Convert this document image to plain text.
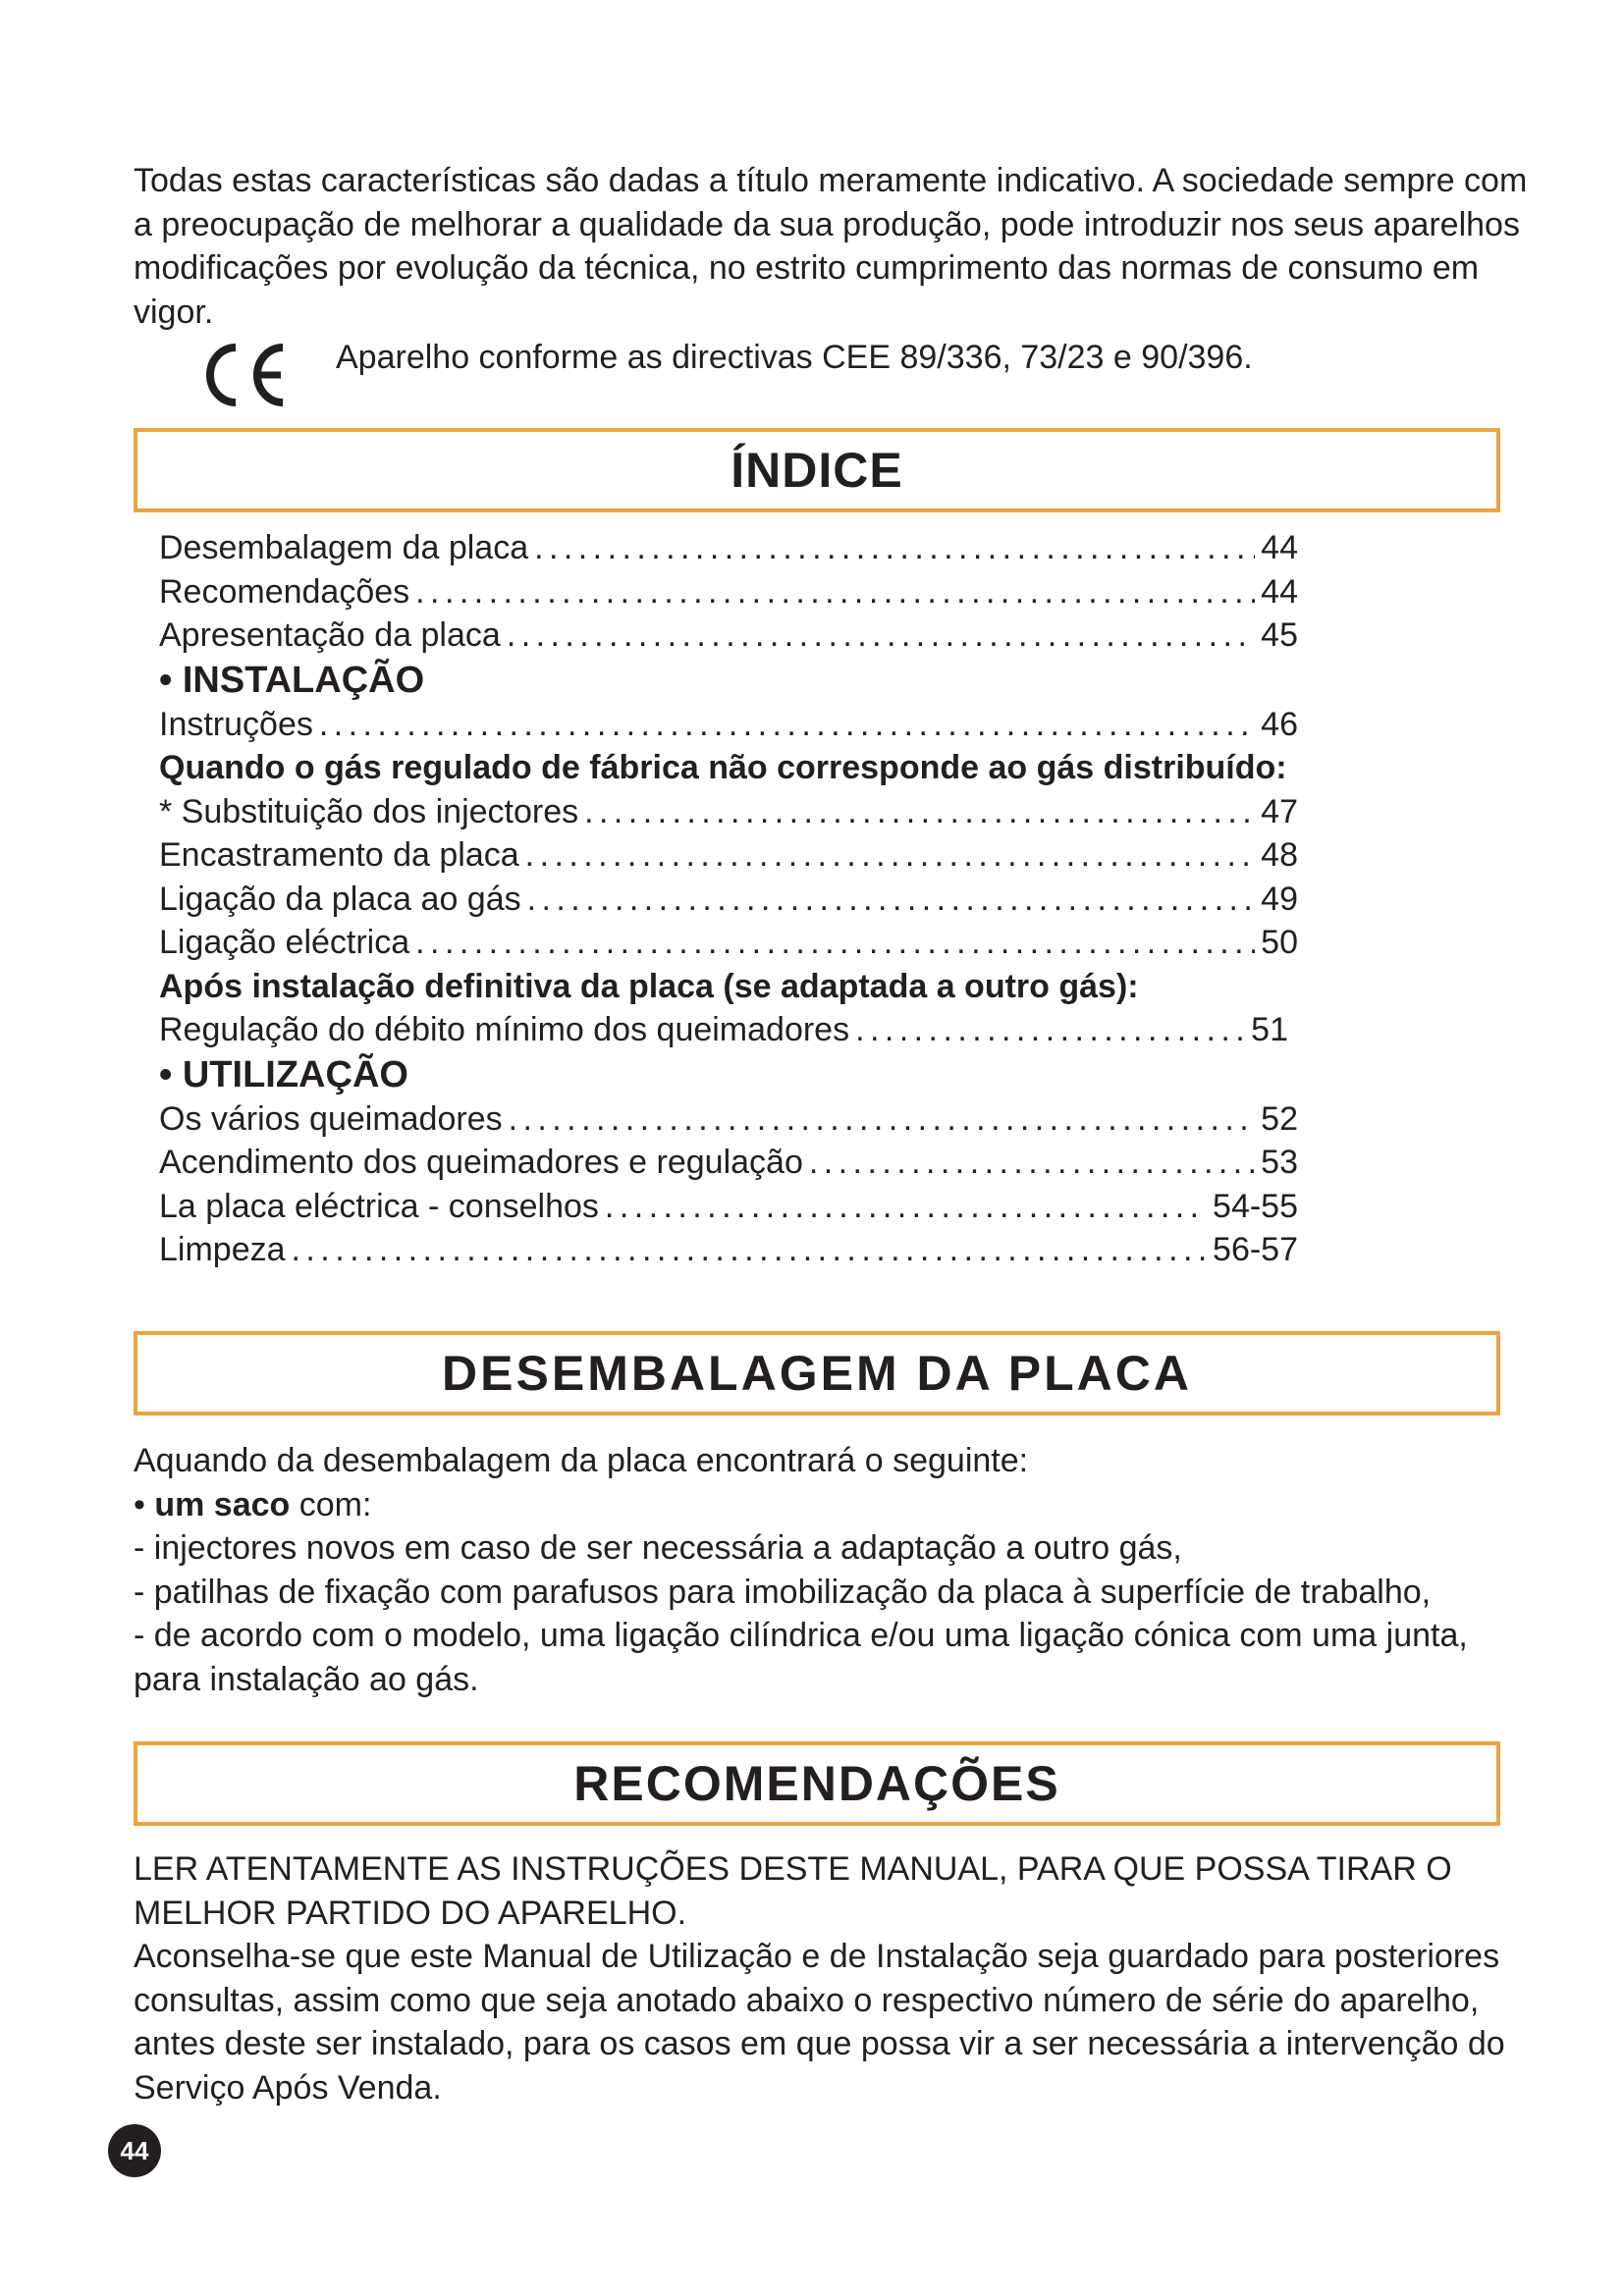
Todas estas características são dadas a título meramente indicativo. A sociedade sempre com a preocupação de melhorar a qualidade da sua produção, pode introduzir nos seus aparelhos modificações por evolução da técnica, no estrito cumprimento das normas de consumo em vigor.

Aparelho conforme as directivas CEE 89/336, 73/23 e 90/396.
ÍNDICE
Desembalagem da placa . . .	44
Recomendações . . .	44
Apresentação da placa . . .	45
• INSTALAÇÃO
Instruções . . .	46
Quando o gás regulado de fábrica não corresponde ao gás distribuído:
* Substituição dos injectores . . .	47
Encastramento da placa . . .	48
Ligação da placa ao gás . . .	49
Ligação eléctrica . . .	50
Após instalação definitiva da placa (se adaptada a outro gás):
Regulação do débito mínimo dos queimadores . . .	51
• UTILIZAÇÃO
Os vários queimadores . . .	52
Acendimento dos queimadores e regulação . . .	53
La placa eléctrica - conselhos . . .	54-55
Limpeza . . .	56-57
DESEMBALAGEM DA PLACA
Aquando da desembalagem da placa encontrará o seguinte:
• um saco com:
- injectores novos em caso de ser necessária a adaptação a outro gás,
- patilhas de fixação com parafusos para imobilização da placa à superfície de trabalho,
- de acordo com o modelo, uma ligação cilíndrica e/ou uma ligação cónica com uma junta, para instalação ao gás.
RECOMENDAÇÕES
LER ATENTAMENTE AS INSTRUÇÕES DESTE MANUAL, PARA QUE POSSA TIRAR O MELHOR PARTIDO DO APARELHO.
Aconselha-se que este Manual de Utilização e de Instalação seja guardado para posteriores consultas, assim como que seja anotado abaixo o respectivo número de série do aparelho, antes deste ser instalado, para os casos em que possa vir a ser necessária a intervenção do Serviço Após Venda.
44
